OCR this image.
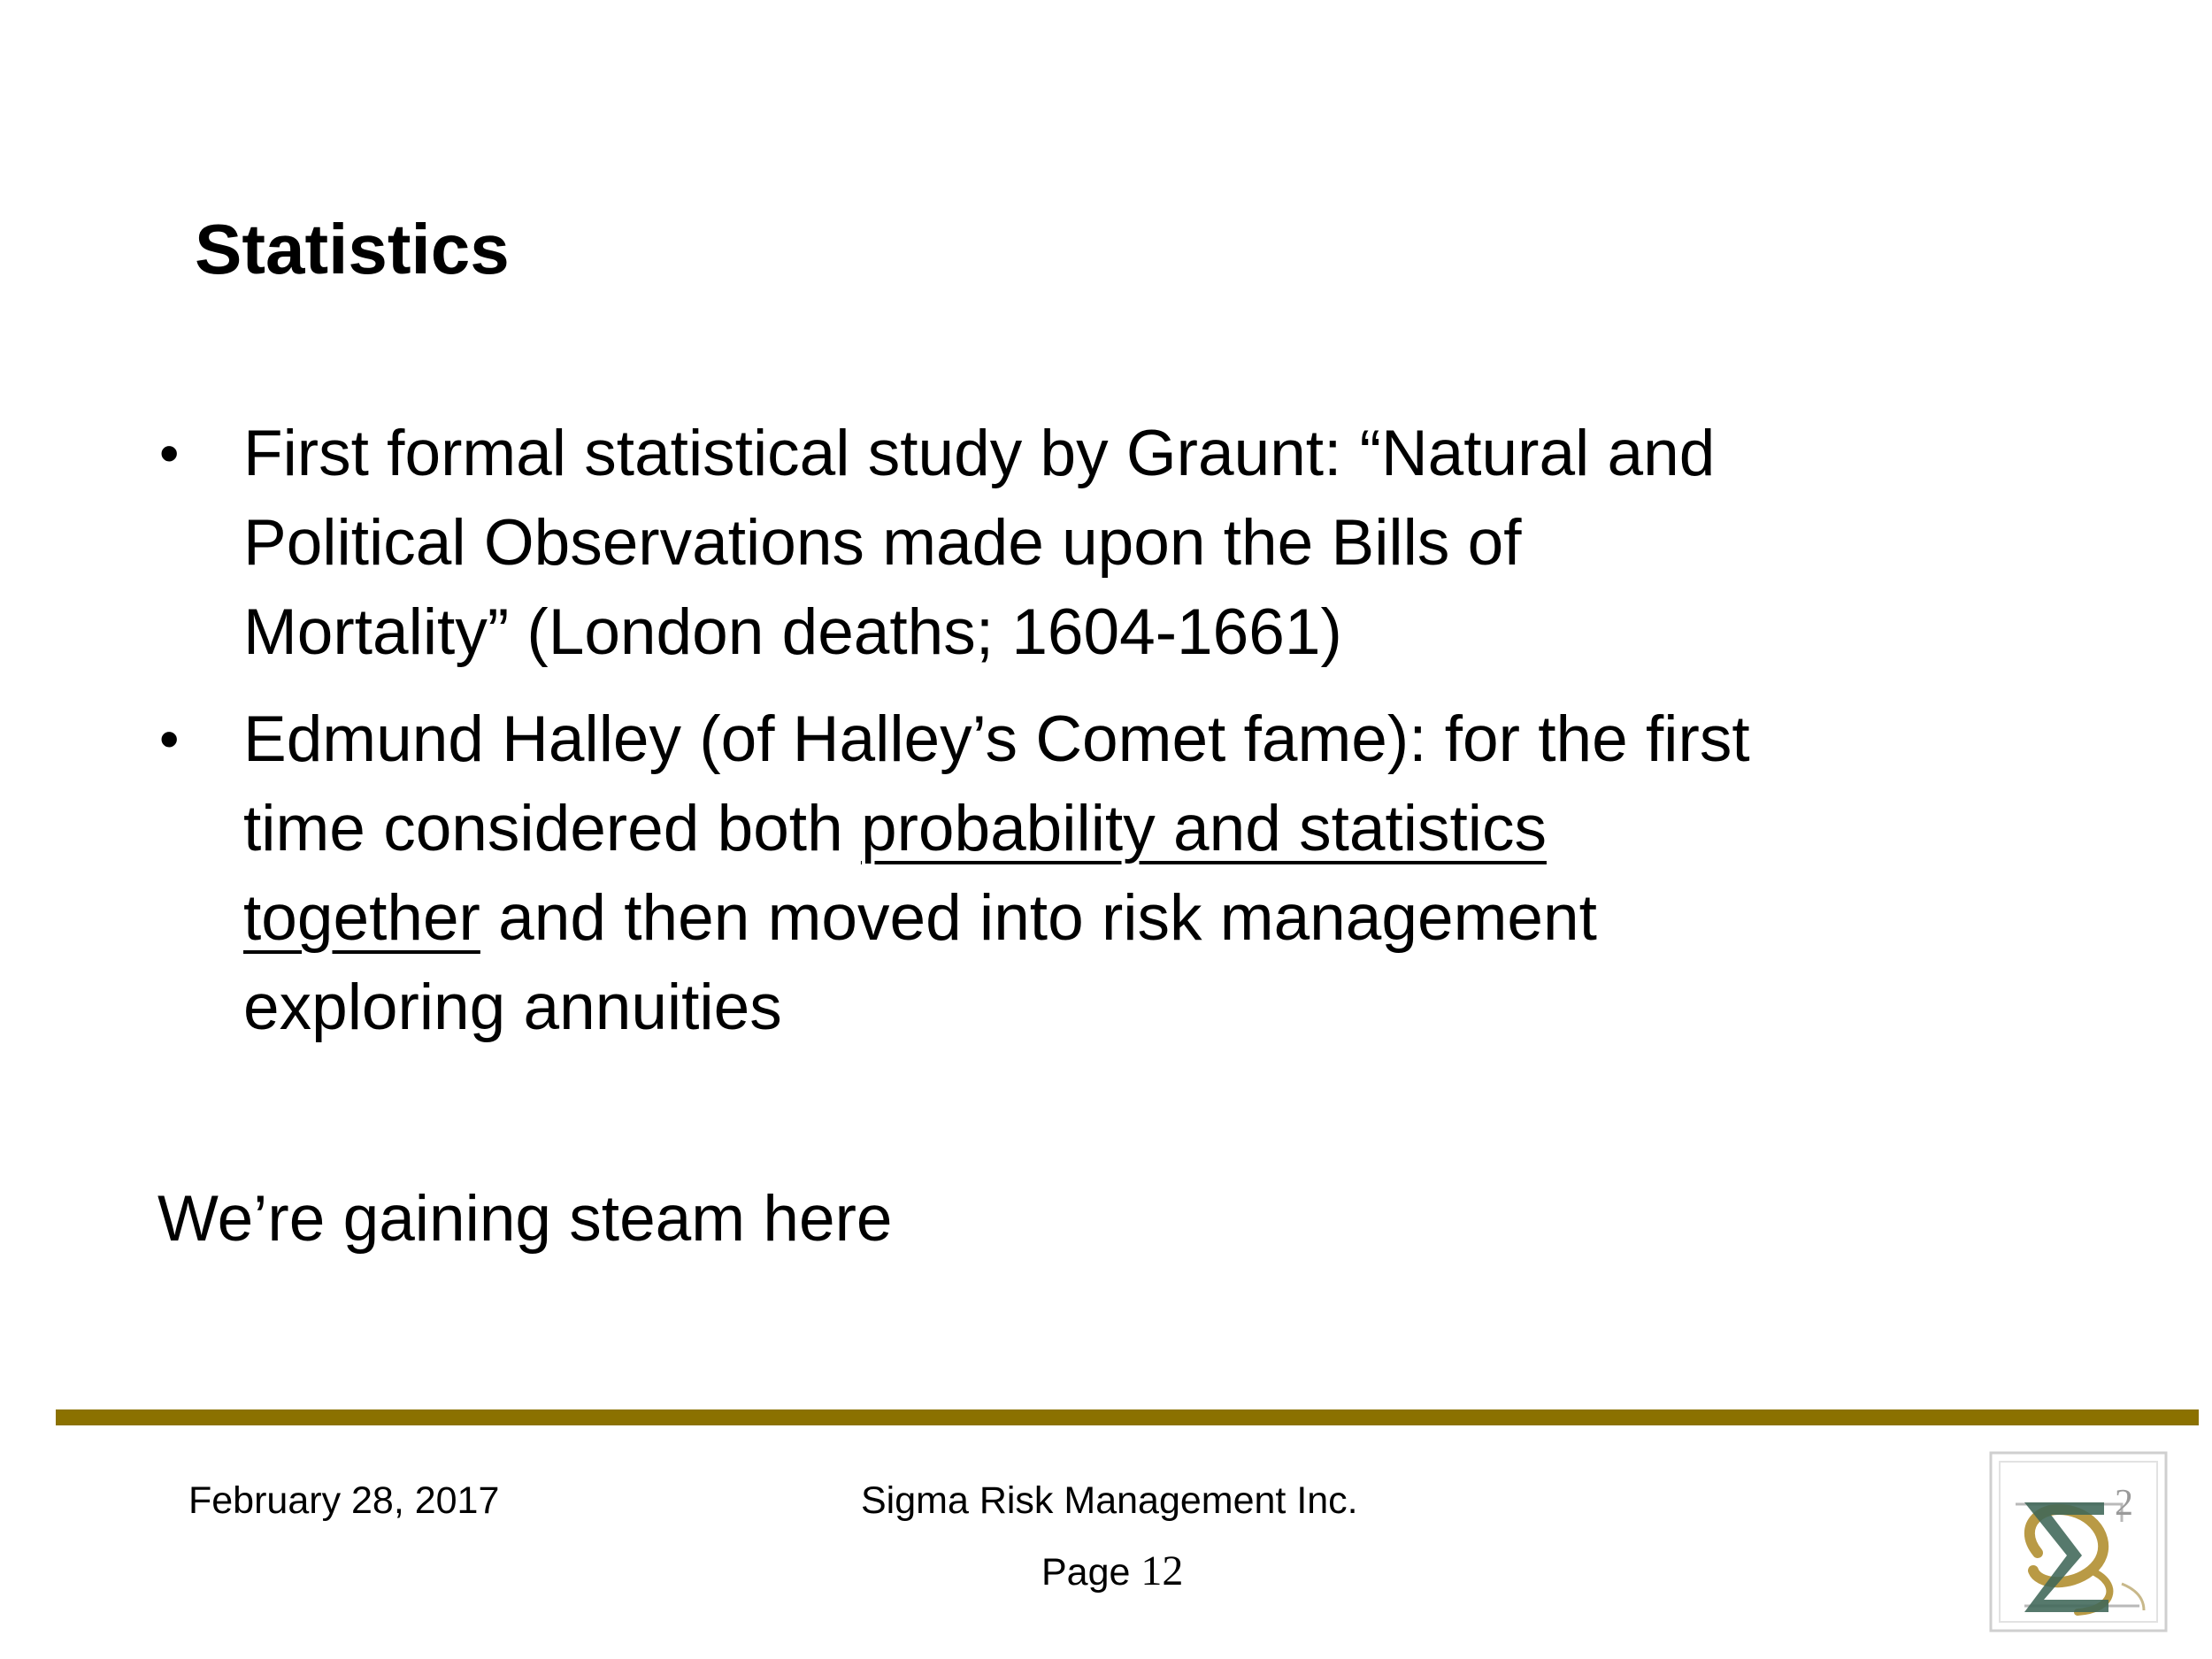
Statistics
• First formal statistical study by Graunt: “Natural and
Political Observations made upon the Bills of
Mortality” (London deaths; 1604-1661)
• Edmund Halley (of Halley’s Comet fame): for the first
time considered both probability and statistics
together and then moved into risk management
exploring annuities
We’re gaining steam here
February 28, 2017	Sigma Risk Management Inc.
Page 12
2
